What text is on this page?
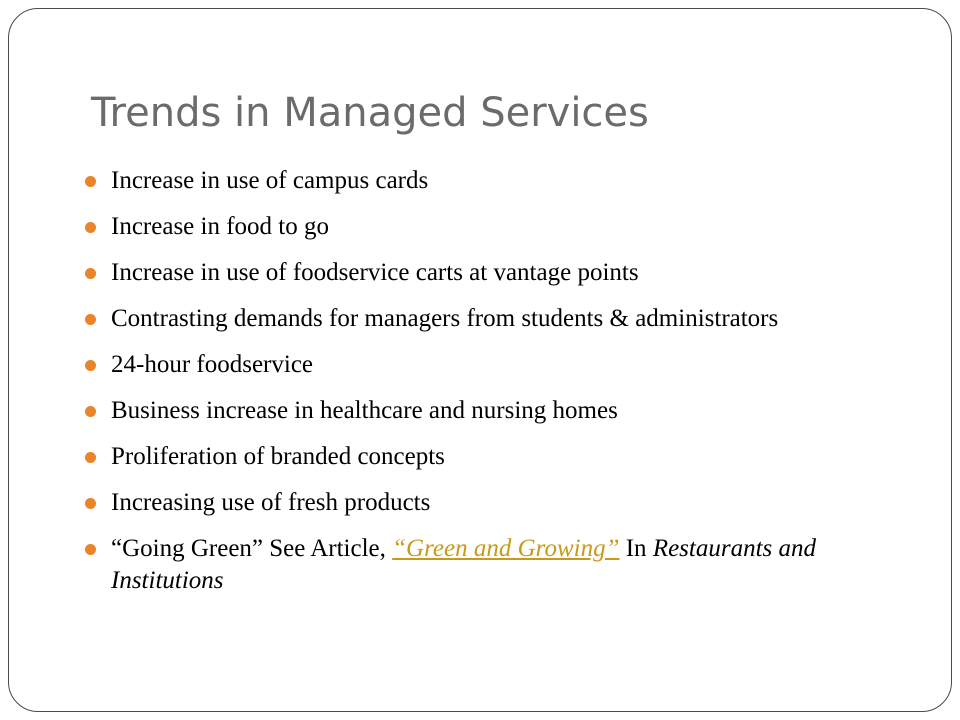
Trends in Managed Services
Increase in use of campus cards
Increase in food to go
Increase in use of foodservice carts at vantage points
Contrasting demands for managers from students & administrators
24-hour foodservice
Business increase in healthcare and nursing homes
Proliferation of branded concepts
Increasing use of fresh products
“Going Green” See Article, “Green and Growing” In Restaurants and Institutions
